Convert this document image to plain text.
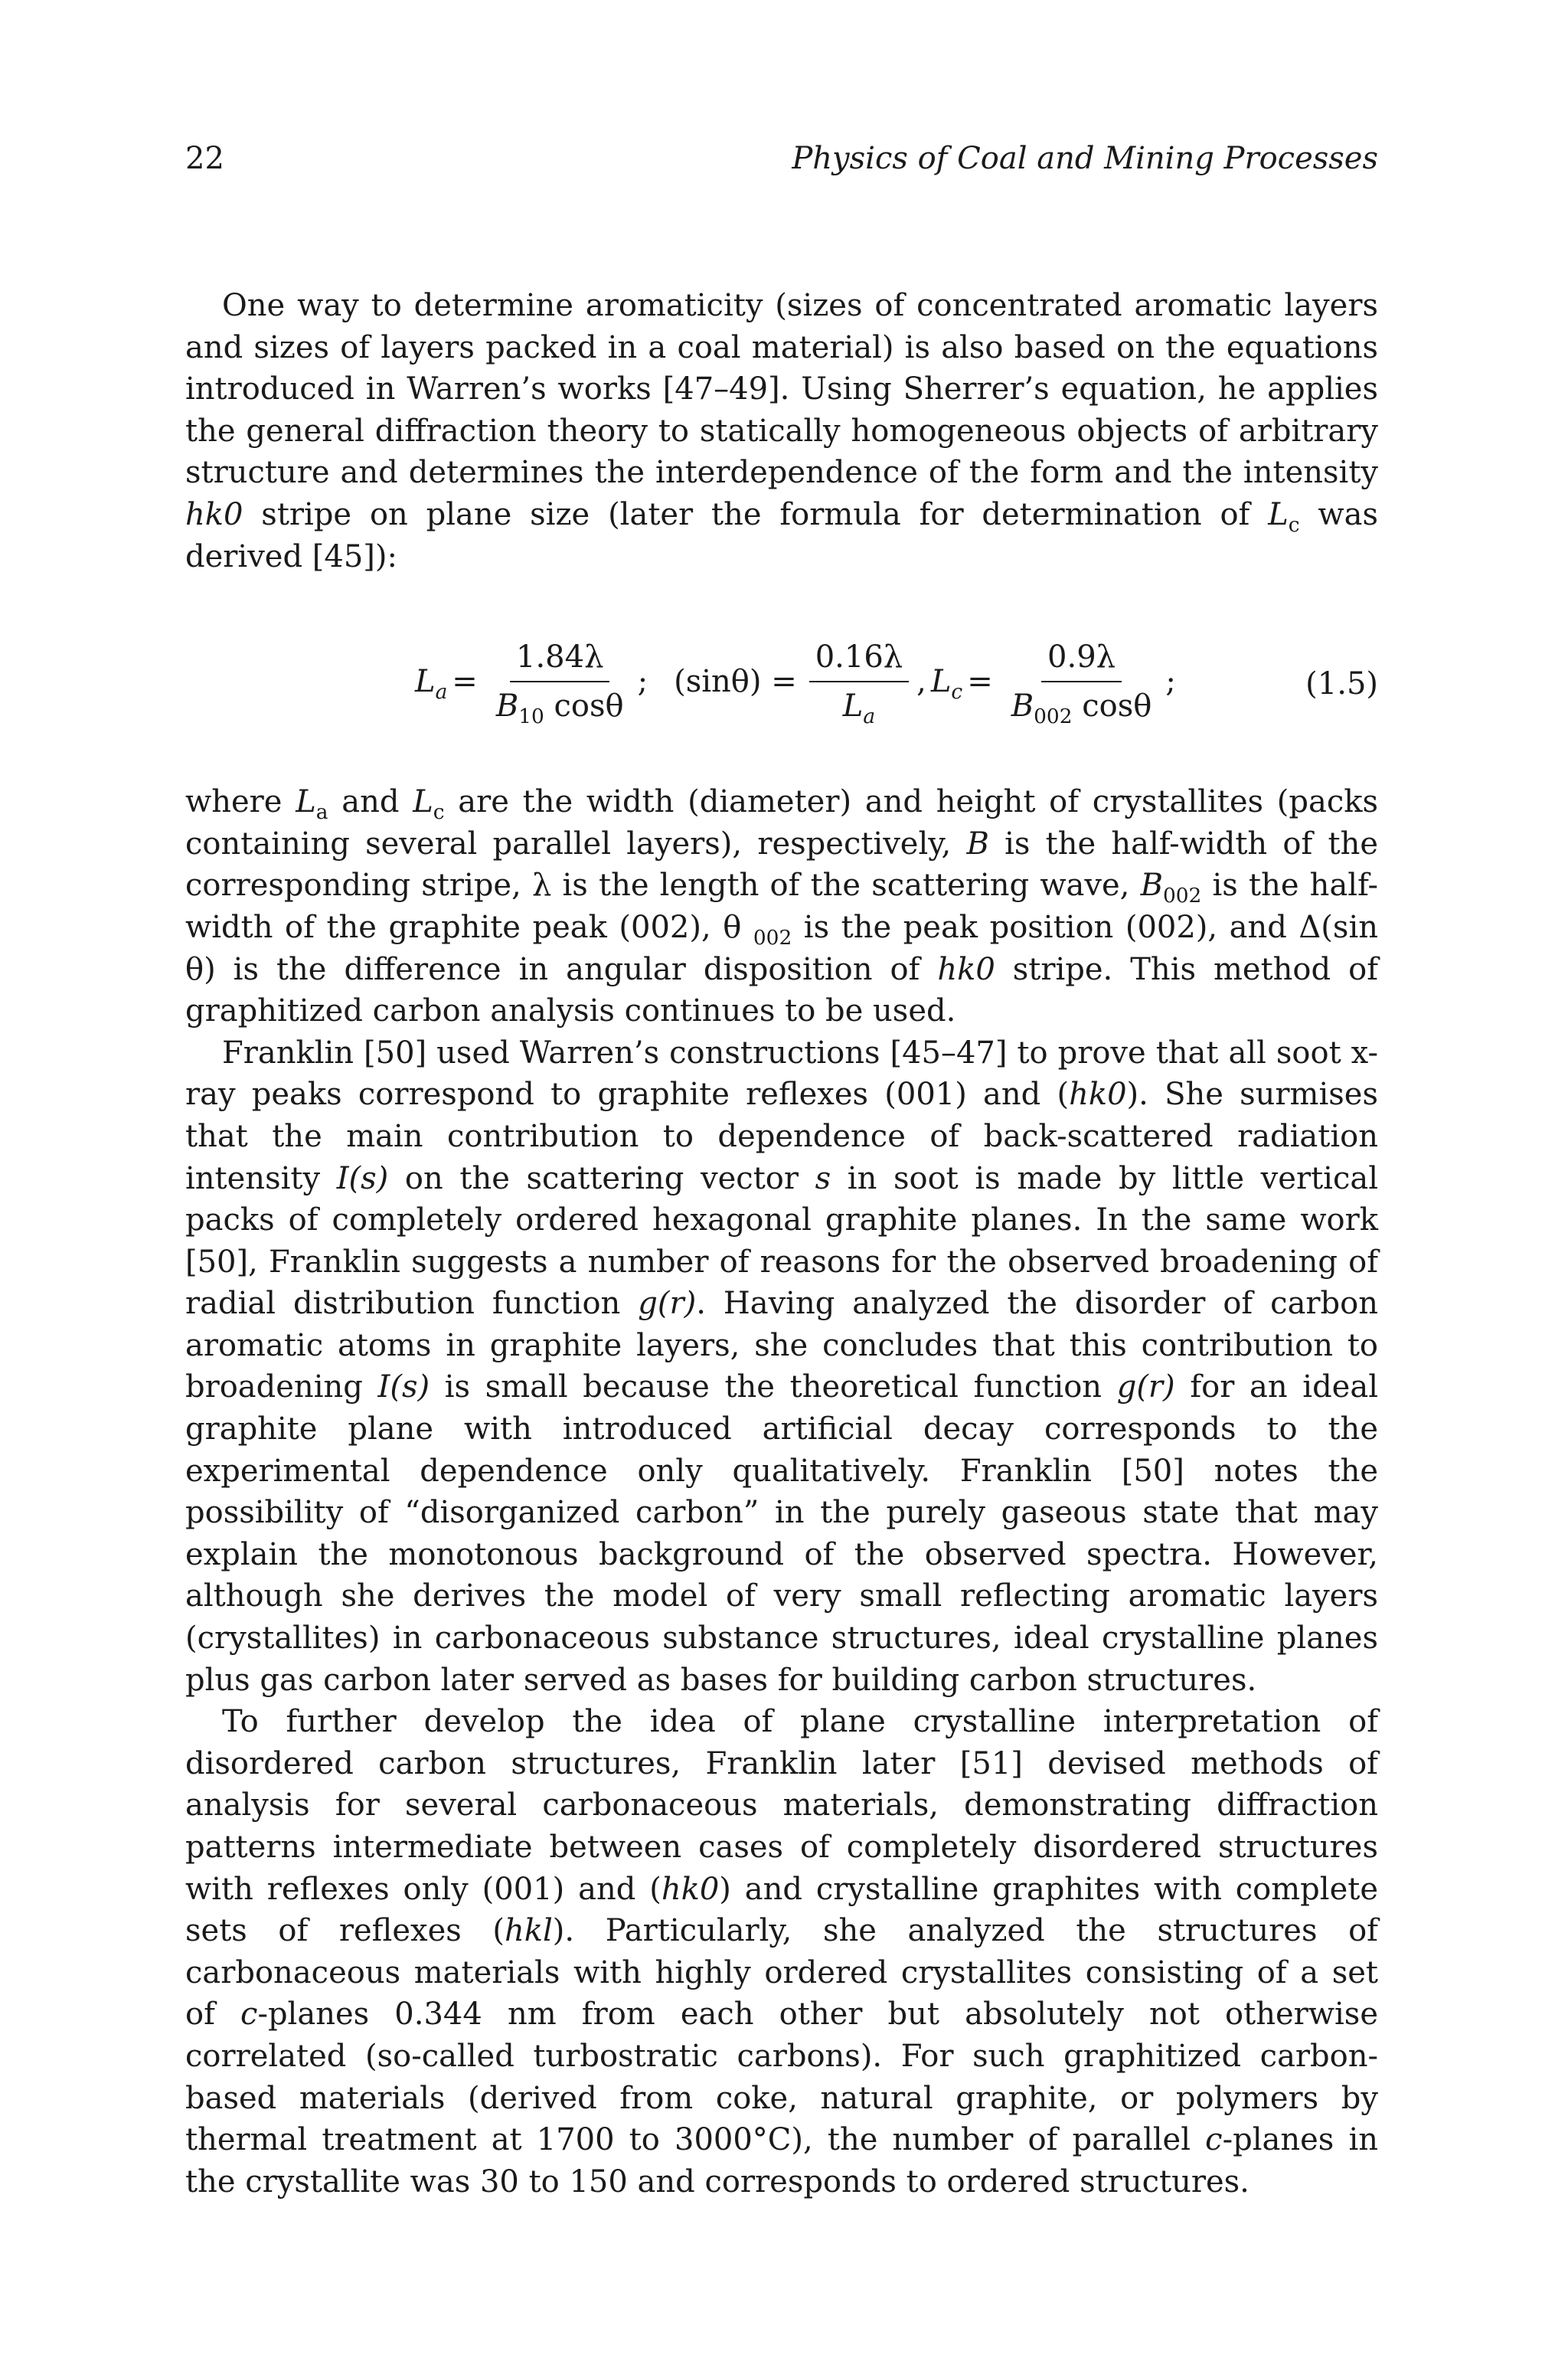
22	Physics of Coal and Mining Processes

One way to determine aromaticity (sizes of concentrated aromatic layers and sizes of layers packed in a coal material) is also based on the equations introduced in Warren’s works [47–49]. Using Sherrer’s equation, he applies the general diffraction theory to statically homogeneous objects of arbitrary structure and determines the interdependence of the form and the intensity hk0 stripe on plane size (later the formula for determination of $L_c$ was derived [45]):

$L_a = \frac{1.84\lambda}{B_{10} \cos\theta}$ ; $(\sin\theta) = \frac{0.16\lambda}{L_a}$ , $L_c = \frac{0.9\lambda}{B_{002} \cos\theta}$ ;	(1.5)

where $L_a$ and $L_c$ are the width (diameter) and height of crystallites (packs containing several parallel layers), respectively, B is the half-width of the corresponding stripe, λ is the length of the scattering wave, $B_{002}$ is the half-width of the graphite peak (002), θ $_{002}$ is the peak position (002), and Δ(sin θ) is the difference in angular disposition of hk0 stripe. This method of graphitized carbon analysis continues to be used.

Franklin [50] used Warren’s constructions [45–47] to prove that all soot x-ray peaks correspond to graphite reflexes (001) and (hk0). She surmises that the main contribution to dependence of back-scattered radiation intensity I(s) on the scattering vector s in soot is made by little vertical packs of completely ordered hexagonal graphite planes. In the same work [50], Franklin suggests a number of reasons for the observed broadening of radial distribution function g(r). Having analyzed the disorder of carbon aromatic atoms in graphite layers, she concludes that this contribution to broadening I(s) is small because the theoretical function g(r) for an ideal graphite plane with introduced artificial decay corresponds to the experimental dependence only qualitatively. Franklin [50] notes the possibility of “disorganized carbon” in the purely gaseous state that may explain the monotonous background of the observed spectra. However, although she derives the model of very small reflecting aromatic layers (crystallites) in carbonaceous substance structures, ideal crystalline planes plus gas carbon later served as bases for building carbon structures.

To further develop the idea of plane crystalline interpretation of disordered carbon structures, Franklin later [51] devised methods of analysis for several carbonaceous materials, demonstrating diffraction patterns intermediate between cases of completely disordered structures with reflexes only (001) and (hk0) and crystalline graphites with complete sets of reflexes (hkl). Particularly, she analyzed the structures of carbonaceous materials with highly ordered crystallites consisting of a set of c-planes 0.344 nm from each other but absolutely not otherwise correlated (so-called turbostratic carbons). For such graphitized carbon-based materials (derived from coke, natural graphite, or polymers by thermal treatment at 1700 to 3000°C), the number of parallel c-planes in the crystallite was 30 to 150 and corresponds to ordered structures.
